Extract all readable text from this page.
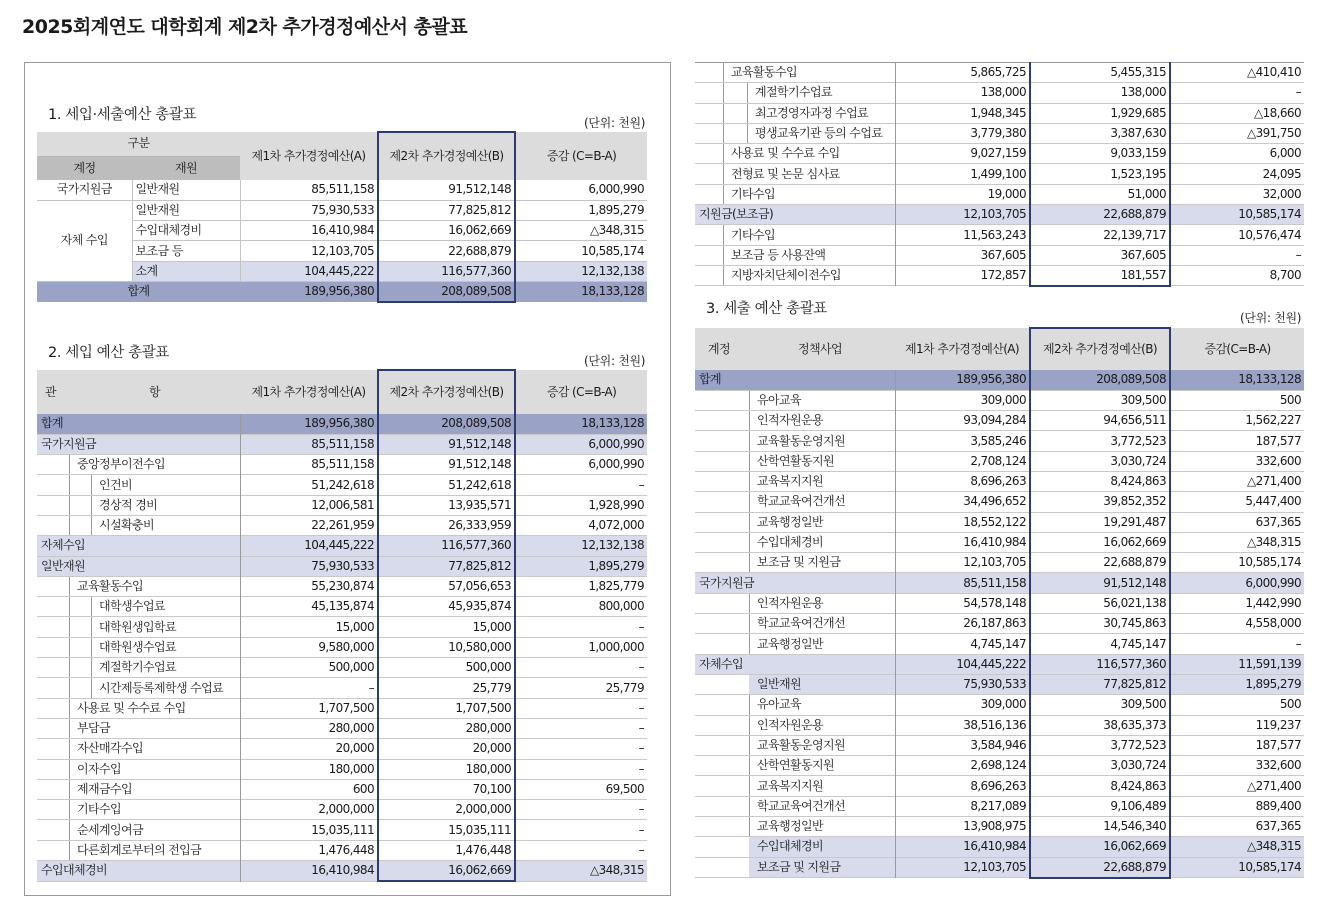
2025회계연도 대학회계 제2차 추가경정예산서 총괄표
1. 세입·세출예산 총괄표	(단위: 천원)
구분		제1차 추가경정예산(A)	제2차 추가경정예산(B)	증감 (C=B-A)
계정	재원			
국가지원금	일반재원	85,511,158	91,512,148	6,000,990
자체 수입	일반재원	75,930,533	77,825,812	1,895,279
	수입대체경비	16,410,984	16,062,669	△348,315
	보조금 등	12,103,705	22,688,879	10,585,174
	소계	104,445,222	116,577,360	12,132,138
합계		189,956,380	208,089,508	18,133,128
2. 세입 예산 총괄표	(단위: 천원)
관 항	제1차 추가경정예산(A)	제2차 추가경정예산(B)	증감 (C=B-A)
합계	189,956,380	208,089,508	18,133,128
국가지원금	85,511,158	91,512,148	6,000,990
중앙정부이전수입	85,511,158	91,512,148	6,000,990
인건비	51,242,618	51,242,618	–
경상적 경비	12,006,581	13,935,571	1,928,990
시설확충비	22,261,959	26,333,959	4,072,000
자체수입	104,445,222	116,577,360	12,132,138
일반재원	75,930,533	77,825,812	1,895,279
교육활동수입	55,230,874	57,056,653	1,825,779
대학생수업료	45,135,874	45,935,874	800,000
대학원생입학료	15,000	15,000	–
대학원생수업료	9,580,000	10,580,000	1,000,000
계절학기수업료	500,000	500,000	–
시간제등록제학생 수업료	–	25,779	25,779
사용료 및 수수료 수입	1,707,500	1,707,500	–
부담금	280,000	280,000	–
자산매각수입	20,000	20,000	–
이자수입	180,000	180,000	–
제재금수입	600	70,100	69,500
기타수입	2,000,000	2,000,000	–
순세계잉여금	15,035,111	15,035,111	–
다른회계로부터의 전입금	1,476,448	1,476,448	–
수입대체경비	16,410,984	16,062,669	△348,315
교육활동수입	5,865,725	5,455,315	△410,410
계절학기수업료	138,000	138,000	–
최고경영자과정 수업료	1,948,345	1,929,685	△18,660
평생교육기관 등의 수업료	3,779,380	3,387,630	△391,750
사용료 및 수수료 수입	9,027,159	9,033,159	6,000
전형료 및 논문 심사료	1,499,100	1,523,195	24,095
기타수입	19,000	51,000	32,000
지원금(보조금)	12,103,705	22,688,879	10,585,174
기타수입	11,563,243	22,139,717	10,576,474
보조금 등 사용잔액	367,605	367,605	–
지방자치단체이전수입	172,857	181,557	8,700
3. 세출 예산 총괄표
(단위: 천원)
계정 정책사업	제1차 추가경정예산(A)	제2차 추가경정예산(B)	증감(C=B-A)
합계	189,956,380	208,089,508	18,133,128
유아교육	309,000	309,500	500
인적자원운용	93,094,284	94,656,511	1,562,227
교육활동운영지원	3,585,246	3,772,523	187,577
산학연활동지원	2,708,124	3,030,724	332,600
교육복지지원	8,696,263	8,424,863	△271,400
학교교육여건개선	34,496,652	39,852,352	5,447,400
교육행정일반	18,552,122	19,291,487	637,365
수입대체경비	16,410,984	16,062,669	△348,315
보조금 및 지원금	12,103,705	22,688,879	10,585,174
국가지원금	85,511,158	91,512,148	6,000,990
인적자원운용	54,578,148	56,021,138	1,442,990
학교교육여건개선	26,187,863	30,745,863	4,558,000
교육행정일반	4,745,147	4,745,147	–
자체수입	104,445,222	116,577,360	11,591,139
일반재원	75,930,533	77,825,812	1,895,279
유아교육	309,000	309,500	500
인적자원운용	38,516,136	38,635,373	119,237
교육활동운영지원	3,584,946	3,772,523	187,577
산학연활동지원	2,698,124	3,030,724	332,600
교육복지지원	8,696,263	8,424,863	△271,400
학교교육여건개선	8,217,089	9,106,489	889,400
교육행정일반	13,908,975	14,546,340	637,365
수입대체경비	16,410,984	16,062,669	△348,315
보조금 및 지원금	12,103,705	22,688,879	10,585,174
